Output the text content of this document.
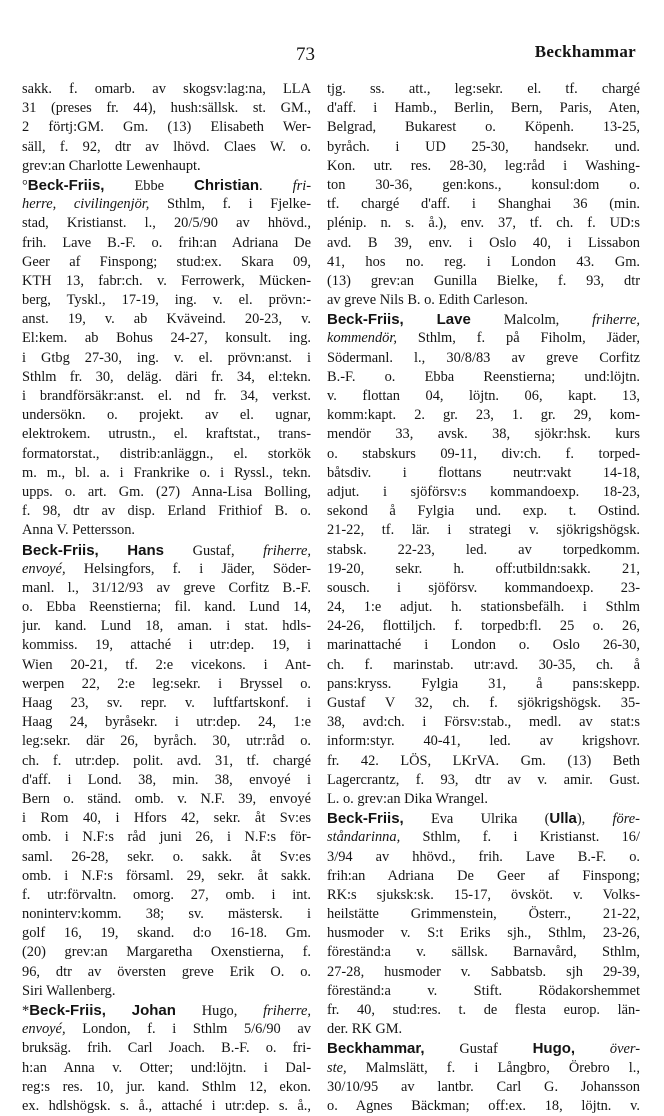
73	Beckhammar
sakk. f. omarb. av skogsv:lag:na, LLA
31 (preses fr. 44), hush:sällsk. st. GM.,
2 förtj:GM. Gm. (13) Elisabeth Wer-
säll, f. 92, dtr av lhövd. Claes W. o.
grev:an Charlotte Lewenhaupt.
°Beck-Friis, Ebbe Christian. fri-
herre, civilingenjör, Sthlm, f. i Fjelke-
stad, Kristianst. l., 20/5/90 av hhövd.,
frih. Lave B.-F. o. frih:an Adriana De
Geer af Finspong; stud:ex. Skara 09,
KTH 13, fabr:ch. v. Ferrowerk, Mücken-
berg, Tyskl., 17-19, ing. v. el. prövn:-
anst. 19, v. ab Kväveind. 20-23, v.
El:kem. ab Bohus 24-27, konsult. ing.
i Gtbg 27-30, ing. v. el. prövn:anst. i
Sthlm fr. 30, deläg. däri fr. 34, el:tekn.
i brandförsäkr:anst. el. nd fr. 34, verkst.
undersökn. o. projekt. av el. ugnar,
elektrokem. utrustn., el. kraftstat., trans-
formatorstat., distrib:anläggn., el. storkök
m. m., bl. a. i Frankrike o. i Ryssl., tekn.
upps. o. art. Gm. (27) Anna-Lisa Bolling,
f. 98, dtr av disp. Erland Frithiof B. o.
Anna V. Pettersson.
Beck-Friis, Hans Gustaf, friherre,
envoyé, Helsingfors, f. i Jäder, Söder-
manl. l., 31/12/93 av greve Corfitz B.-F.
o. Ebba Reenstierna; fil. kand. Lund 14,
jur. kand. Lund 18, aman. i stat. hdls-
kommiss. 19, attaché i utr:dep. 19, i
Wien 20-21, tf. 2:e vicekons. i Ant-
werpen 22, 2:e leg:sekr. i Bryssel o.
Haag 23, sv. repr. v. luftfartskonf. i
Haag 24, byråsekr. i utr:dep. 24, 1:e
leg:sekr. där 26, byråch. 30, utr:råd o.
ch. f. utr:dep. polit. avd. 31, tf. chargé
d'aff. i Lond. 38, min. 38, envoyé i
Bern o. ständ. omb. v. N.F. 39, envoyé
i Rom 40, i Hfors 42, sekr. åt Sv:es
omb. i N.F:s råd juni 26, i N.F:s för-
saml. 26-28, sekr. o. sakk. åt Sv:es
omb. i N.F:s församl. 29, sekr. åt sakk.
f. utr:förvaltn. omorg. 27, omb. i int.
noninterv:komm. 38; sv. mästersk. i
golf 16, 19, skand. d:o 16-18. Gm.
(20) grev:an Margaretha Oxenstierna, f.
96, dtr av översten greve Erik O. o.
Siri Wallenberg.
*Beck-Friis, Johan Hugo, friherre,
envoyé, London, f. i Sthlm 5/6/90 av
bruksäg. frih. Carl Joach. B.-F. o. fri-
h:an Anna v. Otter; und:löjtn. i Dal-
reg:s res. 10, jur. kand. Sthlm 12, ekon.
ex. hdlshögsk. s. å., attaché i utr:dep. s. å.,
tjg. ss. att., leg:sekr. el. tf. chargé
d'aff. i Hamb., Berlin, Bern, Paris, Aten,
Belgrad, Bukarest o. Köpenh. 13-25,
byråch. i UD 25-30, handsekr. und.
Kon. utr. res. 28-30, leg:råd i Washing-
ton 30-36, gen:kons., konsul:dom o.
tf. chargé d'aff. i Shanghai 36 (min.
plénip. n. s. å.), env. 37, tf. ch. f. UD:s
avd. B 39, env. i Oslo 40, i Lissabon
41, hos no. reg. i London 43. Gm.
(13) grev:an Gunilla Bielke, f. 93, dtr
av greve Nils B. o. Edith Carleson.
Beck-Friis, Lave Malcolm, friherre,
kommendör, Sthlm, f. på Fiholm, Jäder,
Södermanl. l., 30/8/83 av greve Corfitz
B.-F. o. Ebba Reenstierna; und:löjtn.
v. flottan 04, löjtn. 06, kapt. 13,
komm:kapt. 2. gr. 23, 1. gr. 29, kom-
mendör 33, avsk. 38, sjökr:hsk. kurs
o. stabskurs 09-11, div:ch. f. torped-
båtsdiv. i flottans neutr:vakt 14-18,
adjut. i sjöförsv:s kommandoexp. 18-23,
sekond å Fylgia und. exp. t. Ostind.
21-22, tf. lär. i strategi v. sjökrigshögsk.
stabsk. 22-23, led. av torpedkomm.
19-20, sekr. h. off:utbildn:sakk. 21,
sousch. i sjöförsv. kommandoexp. 23-
24, 1:e adjut. h. stationsbefälh. i Sthlm
24-26, flottiljch. f. torpedb:fl. 25 o. 26,
marinattaché i London o. Oslo 26-30,
ch. f. marinstab. utr:avd. 30-35, ch. å
pans:kryss. Fylgia 31, å pans:skepp.
Gustaf V 32, ch. f. sjökrigshögsk. 35-
38, avd:ch. i Försv:stab., medl. av stat:s
inform:styr. 40-41, led. av krigshovr.
fr. 42. LÖS, LKrVA. Gm. (13) Beth
Lagercrantz, f. 93, dtr av v. amir. Gust.
L. o. grev:an Dika Wrangel.
Beck-Friis, Eva Ulrika (Ulla), före-
ståndarinna, Sthlm, f. i Kristianst. 16/
3/94 av hhövd., frih. Lave B.-F. o.
frih:an Adriana De Geer af Finspong;
RK:s sjuksk:sk. 15-17, övsköt. v. Volks-
heilstätte Grimmenstein, Österr., 21-22,
husmoder v. S:t Eriks sjh., Sthlm, 23-26,
föreständ:a v. sällsk. Barnavård, Sthlm,
27-28, husmoder v. Sabbatsb. sjh 29-39,
föreständ:a v. Stift. Rödakorshemmet
fr. 40, stud:res. t. de flesta europ. län-
der. RK GM.
Beckhammar, Gustaf Hugo, över-
ste, Malmslätt, f. i Långbro, Örebro l.,
30/10/95 av lantbr. Carl G. Johansson
o. Agnes Bäckman; off:ex. 18, löjtn. v.
